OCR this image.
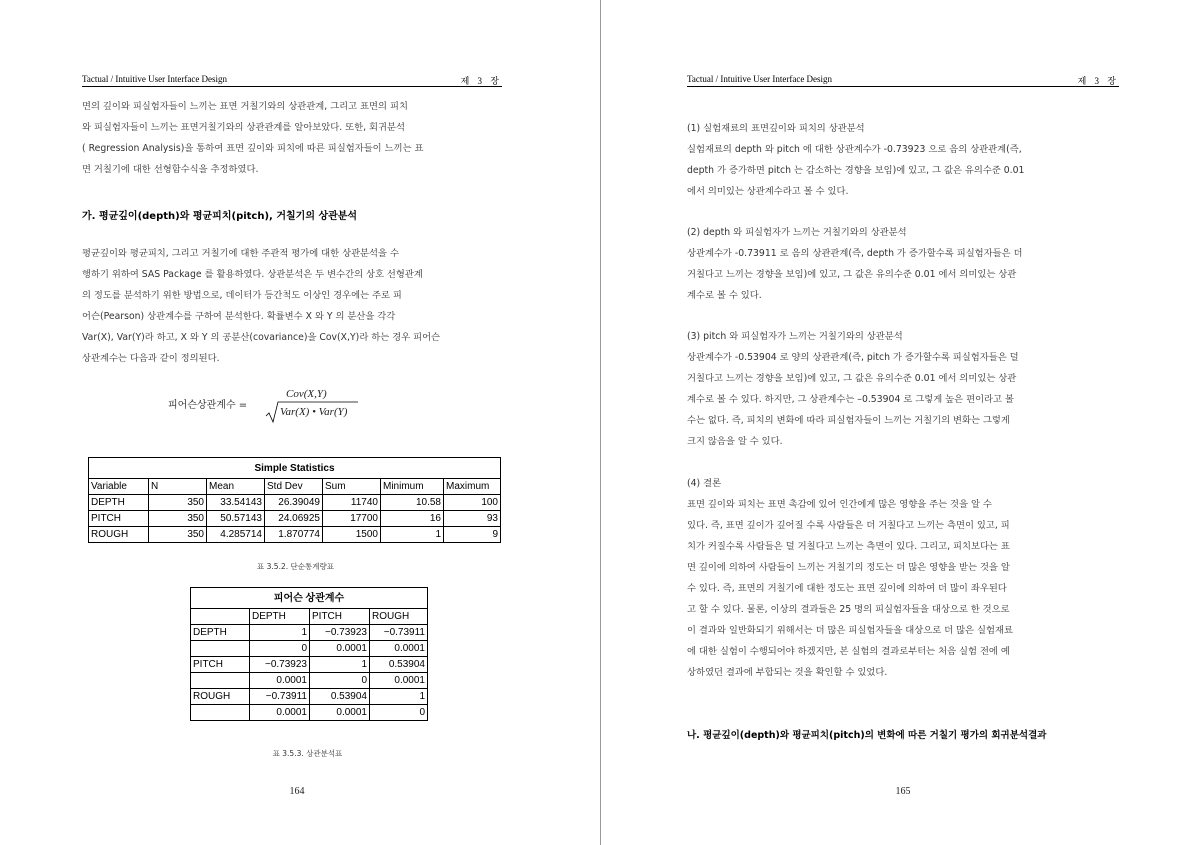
Tactual / Intuitive User Interface Design	제 3 장
면의 깊이와 피실험자들이 느끼는 표면 거칠기와의 상관관계, 그리고 표면의 피치
와 피실험자들이 느끼는 표면거칠기와의 상관관계를 알아보았다. 또한, 회귀분석
( Regression Analysis)을 통하여 표면 깊이와 피치에 따른 피실험자들이 느끼는 표
면 거칠기에 대한 선형함수식을 추정하였다.
가. 평균깊이(depth)와 평균피치(pitch), 거칠기의 상관분석
평균깊이와 평균피치, 그리고 거칠기에 대한 주관적 평가에 대한 상관분석을 수
행하기 위하여 SAS Package 를 활용하였다. 상관분석은 두 변수간의 상호 선형관계
의 정도를 분석하기 위한 방법으로, 데이터가 등간척도 이상인 경우에는 주로 피
어슨(Pearson) 상관계수를 구하여 분석한다. 확률변수 X 와 Y 의 분산을 각각
Var(X), Var(Y)라 하고, X 와 Y 의 공분산(covariance)을 Cov(X,Y)라 하는 경우 피어슨
상관계수는 다음과 같이 정의된다.
피어슨상관계수 =
Cov(X,Y)
Var(X) • Var(Y)
Simple Statistics						
Variable	N	Mean	Std Dev	Sum	Minimum	Maximum
DEPTH	350	33.54143	26.39049	11740	10.58	100
PITCH	350	50.57143	24.06925	17700	16	93
ROUGH	350	4.285714	1.870774	1500	1	9
표 3.5.2. 단순통계량표
피어슨 상관계수			
	DEPTH	PITCH	ROUGH
DEPTH	1	−0.73923	−0.73911
	0	0.0001	0.0001
PITCH	−0.73923	1	0.53904
	0.0001	0	0.0001
ROUGH	−0.73911	0.53904	1
	0.0001	0.0001	0
표 3.5.3. 상관분석표
164
Tactual / Intuitive User Interface Design	제 3 장
(1) 실험재료의 표면깊이와 피치의 상관분석
실험재료의 depth 와 pitch 에 대한 상관계수가 -0.73923 으로 음의 상관관계(즉,
depth 가 증가하면 pitch 는 감소하는 경향을 보임)에 있고, 그 값은 유의수준 0.01
에서 의미있는 상관계수라고 볼 수 있다.
(2) depth 와 피실험자가 느끼는 거칠기와의 상관분석
상관계수가 -0.73911 로 음의 상관관계(즉, depth 가 증가할수록 피실험자들은 더
거칠다고 느끼는 경향을 보임)에 있고, 그 값은 유의수준 0.01 에서 의미있는 상관
계수로 볼 수 있다.
(3) pitch 와 피실험자가 느끼는 거칠기와의 상관분석
상관계수가 -0.53904 로 양의 상관관계(즉, pitch 가 증가할수록 피실험자들은 덜
거칠다고 느끼는 경향을 보임)에 있고, 그 값은 유의수준 0.01 에서 의미있는 상관
계수로 볼 수 있다. 하지만, 그 상관계수는 –0.53904 로 그렇게 높은 편이라고 볼
수는 없다. 즉, 피치의 변화에 따라 피실험자들이 느끼는 거칠기의 변화는 그렇게
크지 않음을 알 수 있다.
(4) 결론
표면 깊이와 피치는 표면 촉감에 있어 인간에게 많은 영향을 주는 것을 알 수
있다. 즉, 표면 깊이가 깊어질 수록 사람들은 더 거칠다고 느끼는 측면이 있고, 피
치가 커질수록 사람들은 덜 거칠다고 느끼는 측면이 있다. 그리고, 피치보다는 표
면 깊이에 의하여 사람들이 느끼는 거칠기의 정도는 더 많은 영향을 받는 것을 알
수 있다. 즉, 표면의 거칠기에 대한 정도는 표면 깊이에 의하여 더 많이 좌우된다
고 할 수 있다. 물론, 이상의 결과들은 25 명의 피실험자들을 대상으로 한 것으로
이 결과와 일반화되기 위해서는 더 많은 피실험자들을 대상으로 더 많은 실험재료
에 대한 실험이 수행되어야 하겠지만, 본 실험의 결과로부터는 처음 실험 전에 예
상하였던 결과에 부합되는 것을 확인할 수 있었다.
나. 평균깊이(depth)와 평균피치(pitch)의 변화에 따른 거칠기 평가의 회귀분석결과
165
